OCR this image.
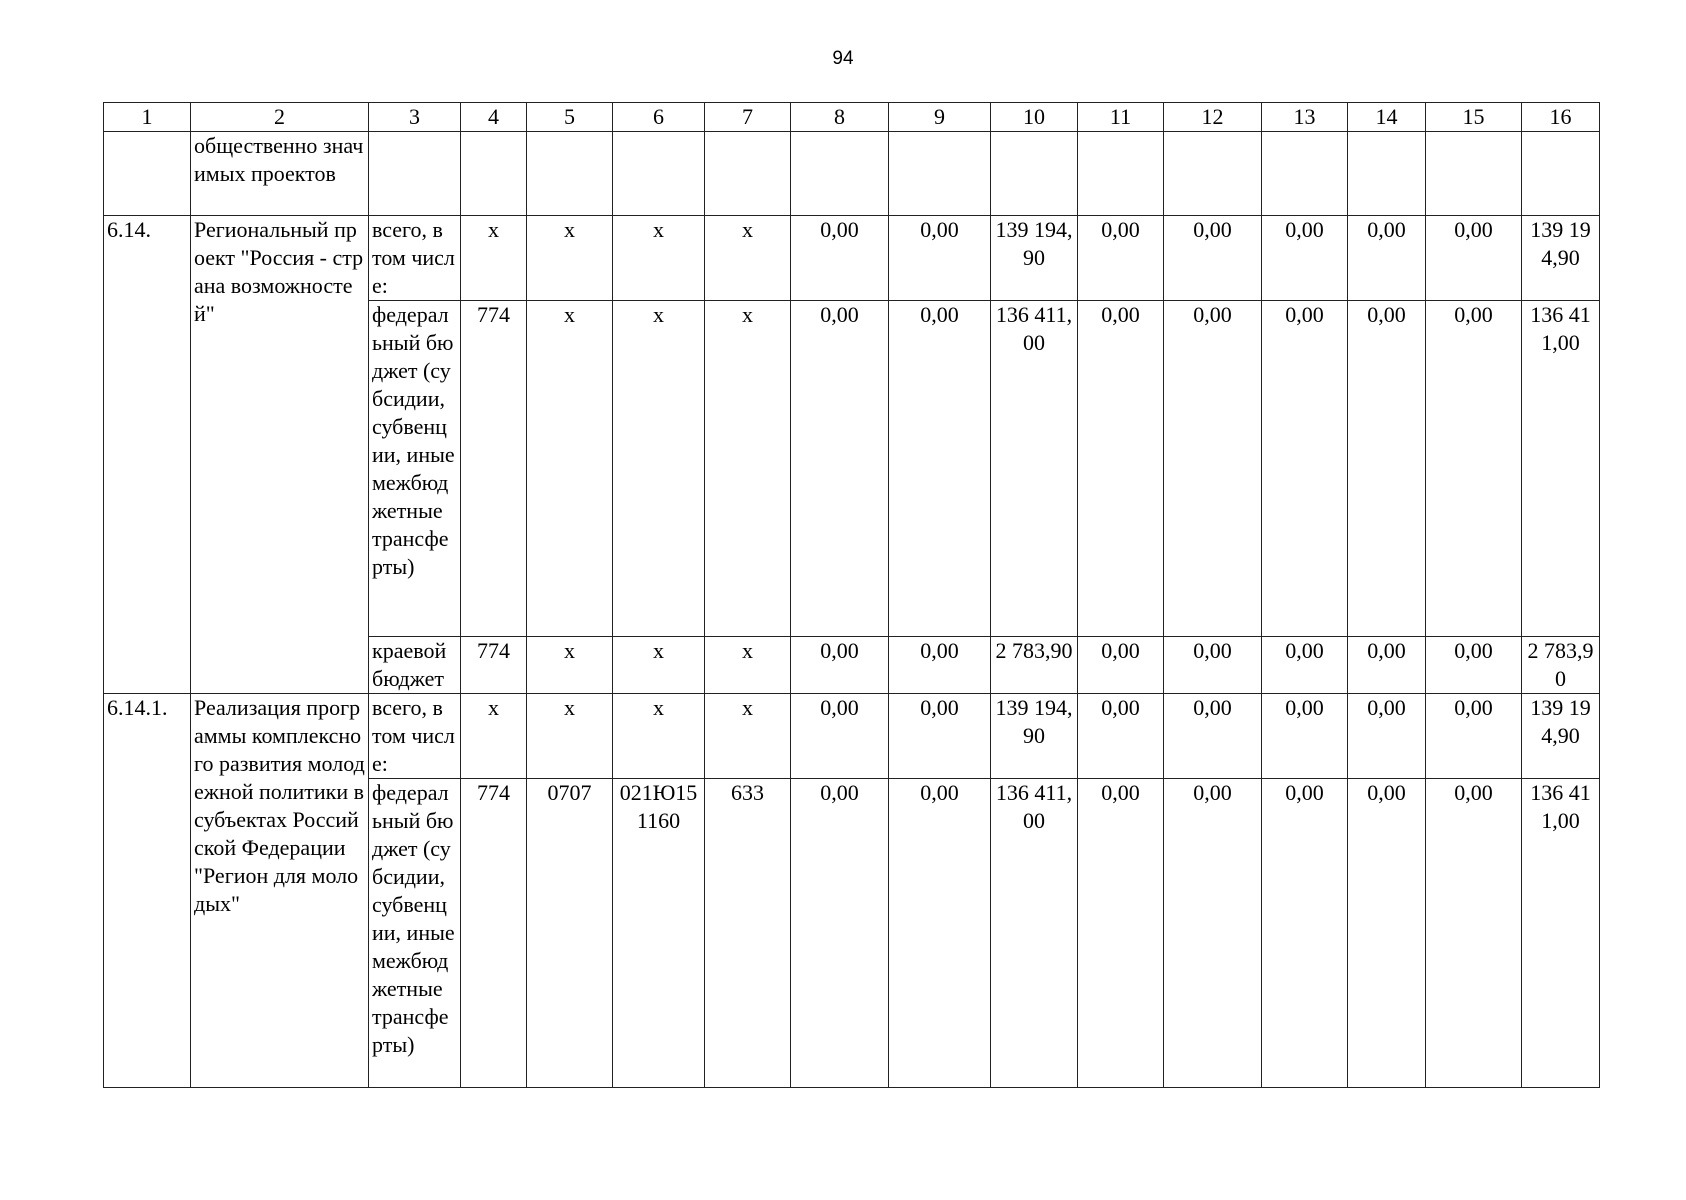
94
1	2	3	4	5	6	7	8	9	10	11	12	13	14	15	16
	общественно значимых проектов														
6.14.	Региональный проект "Россия - страна возможностей"	всего, в том числе:	х	х	х	х	0,00	0,00	139 194,90	0,00	0,00	0,00	0,00	0,00	139 194,90
		федеральный бюджет (субсидии, субвенции, иные межбюджетные трансферты)	774	х	х	х	0,00	0,00	136 411,00	0,00	0,00	0,00	0,00	0,00	136 411,00
		краевой бюджет	774	х	х	х	0,00	0,00	2 783,90	0,00	0,00	0,00	0,00	0,00	2 783,90
6.14.1.	Реализация программы комплексного развития молодежной политики в субъектах Российской Федерации "Регион для молодых"	всего, в том числе:	х	х	х	х	0,00	0,00	139 194,90	0,00	0,00	0,00	0,00	0,00	139 194,90

		федеральный бюджет (субсидии, субвенции, иные межбюджетные трансферты)	774	0707	021Ю151160	633	0,00	0,00	136 411,00	0,00	0,00	0,00	0,00	0,00	136 411,00
